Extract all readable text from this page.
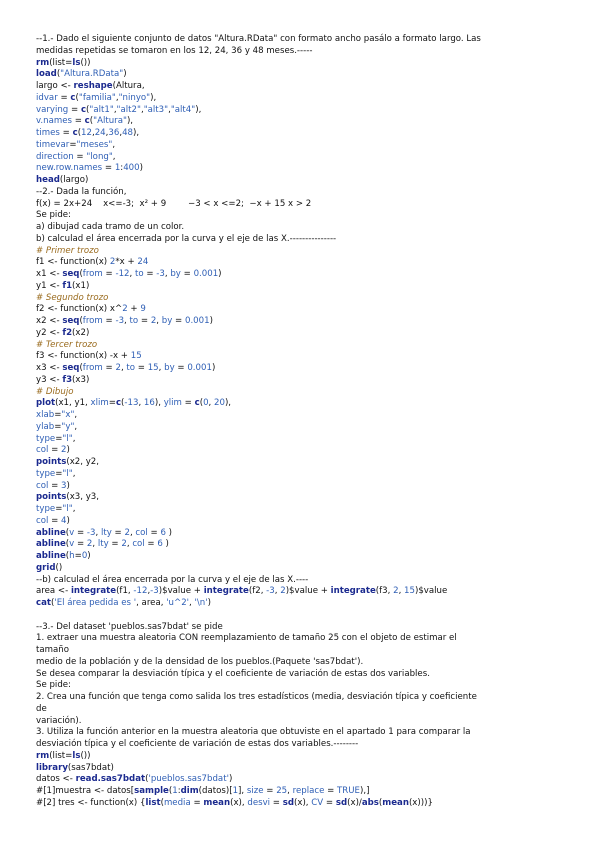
--1.- Dado el siguiente conjunto de datos "Altura.RData" con formato ancho pasálo a formato largo. Las
medidas repetidas se tomaron en los 12, 24, 36 y 48 meses.-----
rm(list=ls())
load("Altura.RData")
largo <- reshape(Altura,
idvar = c("familia","ninyo"),
varying = c("alt1","alt2","alt3","alt4"),
v.names = c("Altura"),
times = c(12,24,36,48),
timevar="meses",
direction = "long",
new.row.names = 1:400)
head(largo)
--2.- Dada la función,
f(x) = 2x+24    x<=-3;  x² + 9        −3 < x <=2;  −x + 15 x > 2
Se pide:
a) dibujad cada tramo de un color.
b) calculad el área encerrada por la curva y el eje de las X.---------------
# Primer trozo
f1 <- function(x) 2*x + 24
x1 <- seq(from = -12, to = -3, by = 0.001)
y1 <- f1(x1)
# Segundo trozo
f2 <- function(x) x^2 + 9
x2 <- seq(from = -3, to = 2, by = 0.001)
y2 <- f2(x2)
# Tercer trozo
f3 <- function(x) -x + 15
x3 <- seq(from = 2, to = 15, by = 0.001)
y3 <- f3(x3)
# Dibujo
plot(x1, y1, xlim=c(-13, 16), ylim = c(0, 20),
xlab="x",
ylab="y",
type="l",
col = 2)
points(x2, y2,
type="l",
col = 3)
points(x3, y3,
type="l",
col = 4)
abline(v = -3, lty = 2, col = 6 )
abline(v = 2, lty = 2, col = 6 )
abline(h=0)
grid()
--b) calculad el área encerrada por la curva y el eje de las X.----
area <- integrate(f1, -12,-3)$value + integrate(f2, -3, 2)$value + integrate(f3, 2, 15)$value
cat('El área pedida es ', area, 'u^2', '\n')
--3.- Del dataset 'pueblos.sas7bdat' se pide
1. extraer una muestra aleatoria CON reemplazamiento de tamaño 25 con el objeto de estimar el
tamaño
medio de la población y de la densidad de los pueblos.(Paquete 'sas7bdat').
Se desea comparar la desviación típica y el coeficiente de variación de estas dos variables.
Se pide:
2. Crea una función que tenga como salida los tres estadísticos (media, desviación típica y coeficiente
de
variación).
3. Utiliza la función anterior en la muestra aleatoria que obtuviste en el apartado 1 para comparar la
desviación típica y el coeficiente de variación de estas dos variables.--------
rm(list=ls())
library(sas7bdat)
datos <- read.sas7bdat('pueblos.sas7bdat')
#[1]muestra <- datos[sample(1:dim(datos)[1], size = 25, replace = TRUE),]
#[2] tres <- function(x) {list(media = mean(x), desvi = sd(x), CV = sd(x)/abs(mean(x)))}
